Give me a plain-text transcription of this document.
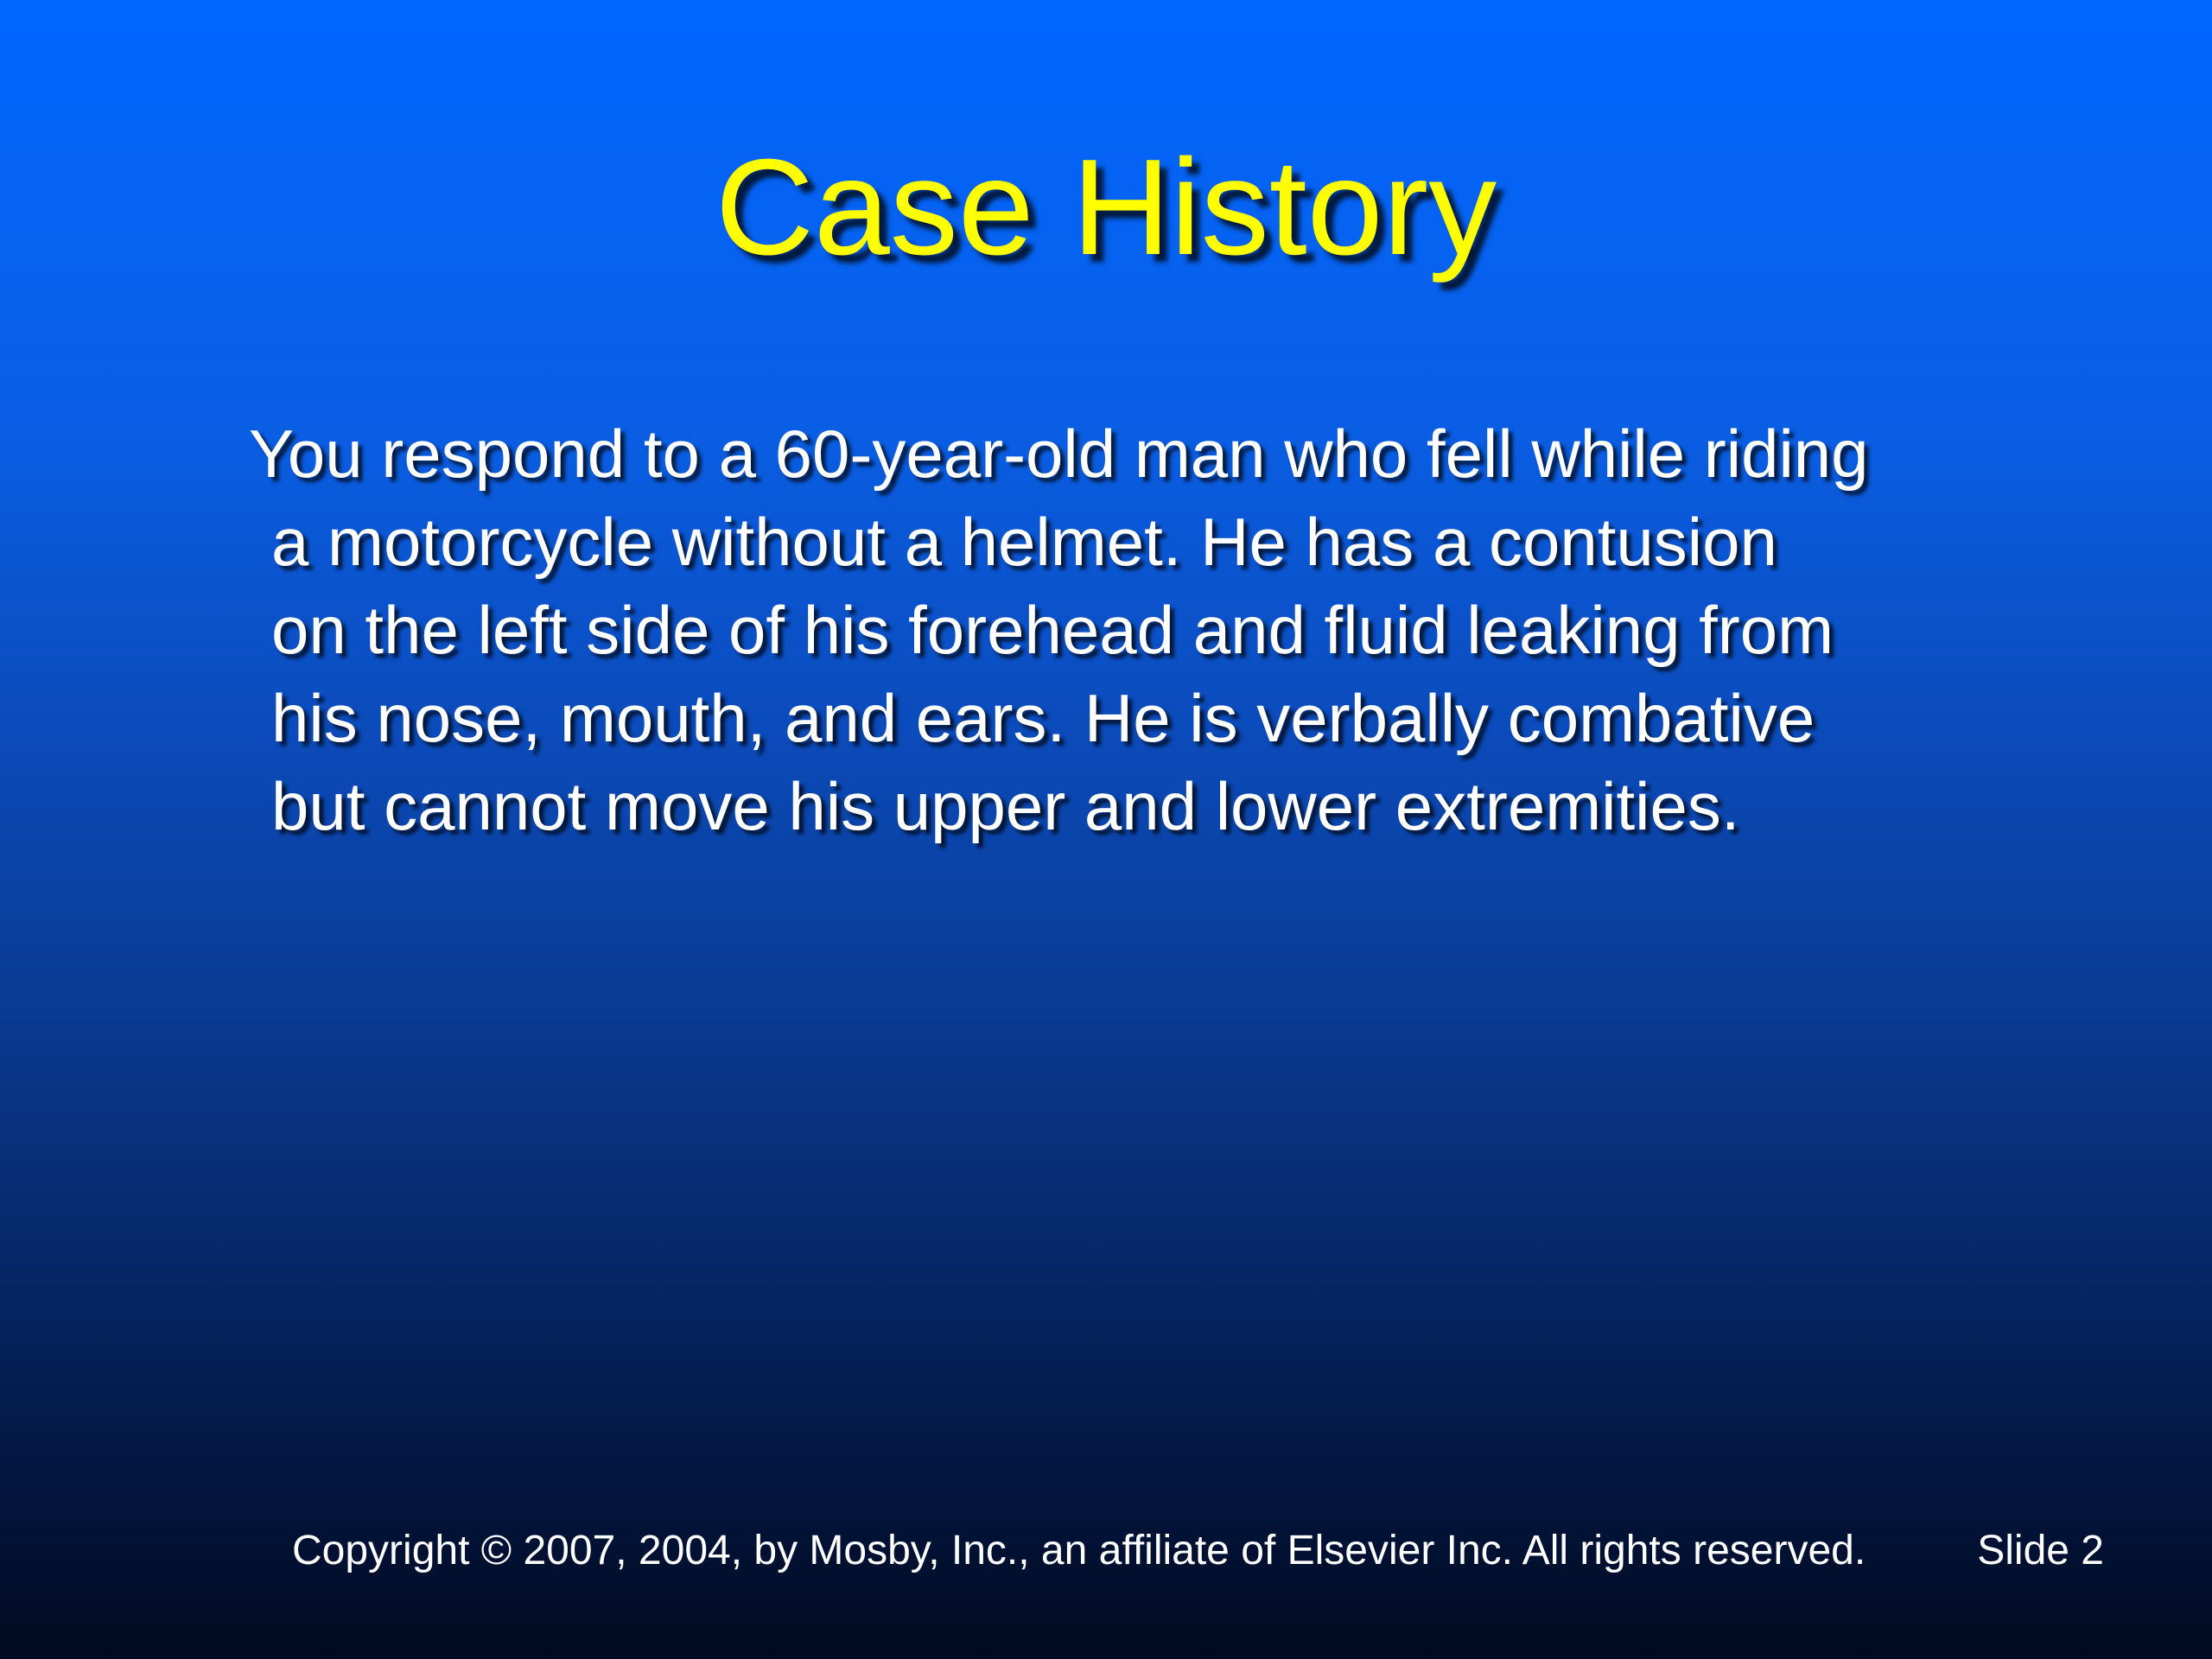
Case History
You respond to a 60-year-old man who fell while riding
a motorcycle without a helmet. He has a contusion
on the left side of his forehead and fluid leaking from
his nose, mouth, and ears. He is verbally combative
but cannot move his upper and lower extremities.
Copyright © 2007, 2004, by Mosby, Inc., an affiliate of Elsevier Inc. All rights reserved.	Slide 2
